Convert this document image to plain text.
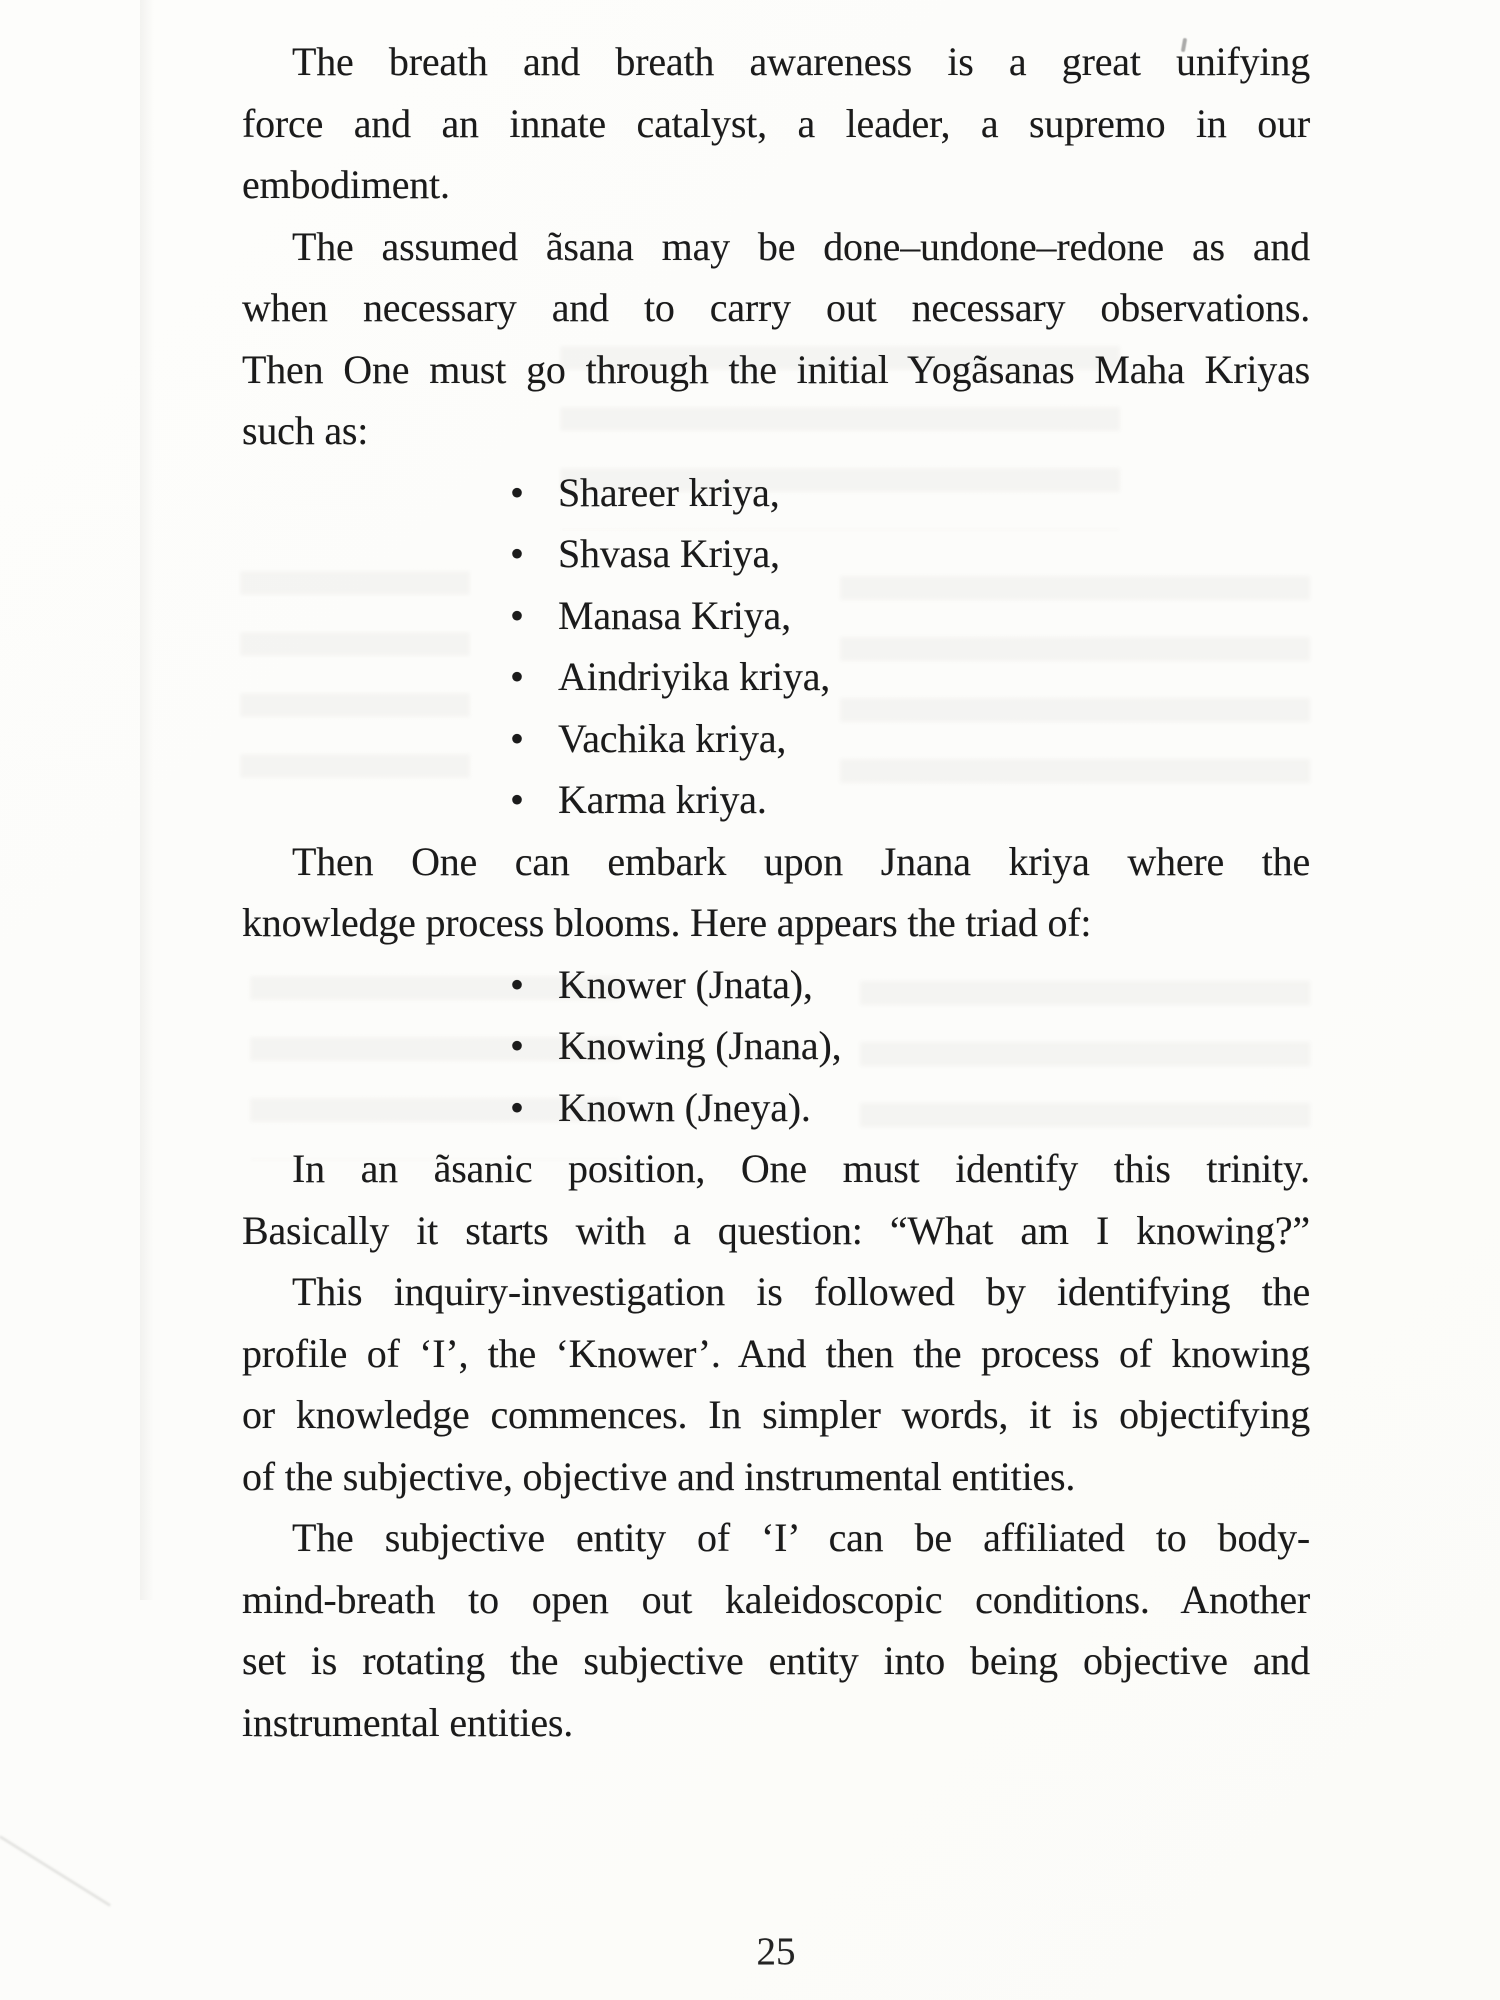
The breath and breath awareness is a great unifying
force and an innate catalyst, a leader, a supremo in our
embodiment.
The assumed ãsana may be done–undone–redone as and
when necessary and to carry out necessary observations.
Then One must go through the initial Yogãsanas Maha Kriyas
such as:
• Shareer kriya,
• Shvasa Kriya,
• Manasa Kriya,
• Aindriyika kriya,
• Vachika kriya,
• Karma kriya.
Then One can embark upon Jnana kriya where the
knowledge process blooms. Here appears the triad of:
• Knower (Jnata),
• Knowing (Jnana),
• Known (Jneya).
In an ãsanic position, One must identify this trinity.
Basically it starts with a question: “What am I knowing?”
This inquiry-investigation is followed by identifying the
profile of ‘I’, the ‘Knower’. And then the process of knowing
or knowledge commences. In simpler words, it is objectifying
of the subjective, objective and instrumental entities.
The subjective entity of ‘I’ can be affiliated to body-
mind-breath to open out kaleidoscopic conditions. Another
set is rotating the subjective entity into being objective and
instrumental entities.
25
